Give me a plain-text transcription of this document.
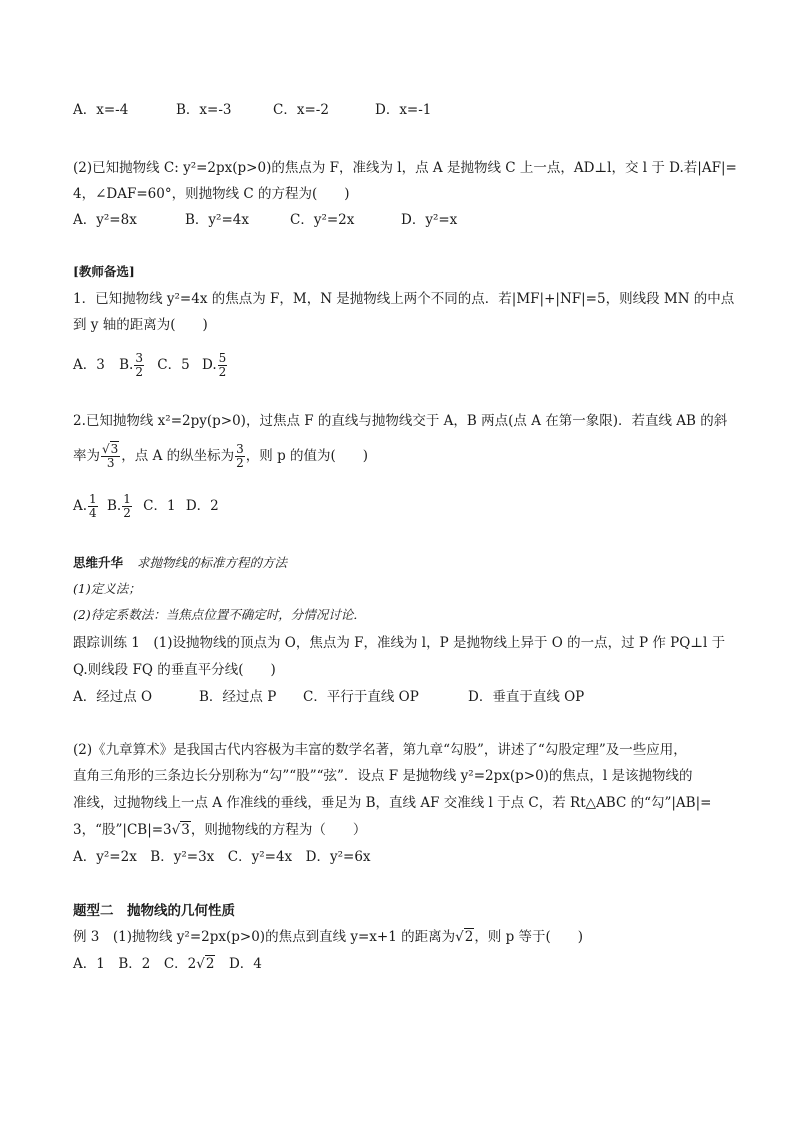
A．x=-4	B．x=-3	C．x=-2	D．x=-1
(2)已知抛物线 C: y²=2px(p>0)的焦点为 F，准线为 l，点 A 是抛物线 C 上一点，AD⊥l，交 l 于 D.若|AF|=
4，∠DAF=60°，则抛物线 C 的方程为(　　)
A．y²=8x	B．y²=4x	C．y²=2x	D．y²=x
[教师备选]
1．已知抛物线 y²=4x 的焦点为 F，M，N 是抛物线上两个不同的点．若|MF|+|NF|=5，则线段 MN 的中点
到 y 轴的距离为(　　)
A．3 B. $\frac{3}{2}$ C．5 D. $\frac{5}{2}$
2.已知抛物线 x²=2py(p>0)，过焦点 F 的直线与抛物线交于 A，B 两点(点 A 在第一象限)．若直线 AB 的斜
率为 $\frac{√3}{3}$ ，点 A 的纵坐标为 $\frac{3}{2}$ ，则 p 的值为(　　)
A. $\frac{1}{4} B$. $\frac{1}{2}$ C．1 D．2
思维升华 求抛物线的标准方程的方法
(1)定义法；
(2)待定系数法：当焦点位置不确定时，分情况讨论．
跟踪训练 1　(1)设抛物线的顶点为 O，焦点为 F，准线为 l，P 是抛物线上异于 O 的一点，过 P 作 PQ⊥l 于
Q.则线段 FQ 的垂直平分线(　　)
A．经过点 O	B．经过点 P C．平行于直线 OP	D．垂直于直线 OP
(2)《九章算术》是我国古代内容极为丰富的数学名著，第九章“勾股”，讲述了“勾股定理”及一些应用，
直角三角形的三条边长分别称为“勾”“股”“弦”．设点 F 是抛物线 y²=2px(p>0)的焦点，l 是该抛物线的
准线，过抛物线上一点 A 作准线的垂线，垂足为 B，直线 AF 交准线 l 于点 C，若 Rt△ABC 的“勾”|AB|=
3，“股”|CB|=3√3，则抛物线的方程为（　　）
A．y²=2x　B．y²=3x　C．y²=4x　D．y²=6x
题型二　抛物线的几何性质
例 3　(1)抛物线 y²=2px(p>0)的焦点到直线 y=x+1 的距离为√2，则 p 等于(　　)
A．1　B．2　C．2√2　D．4
